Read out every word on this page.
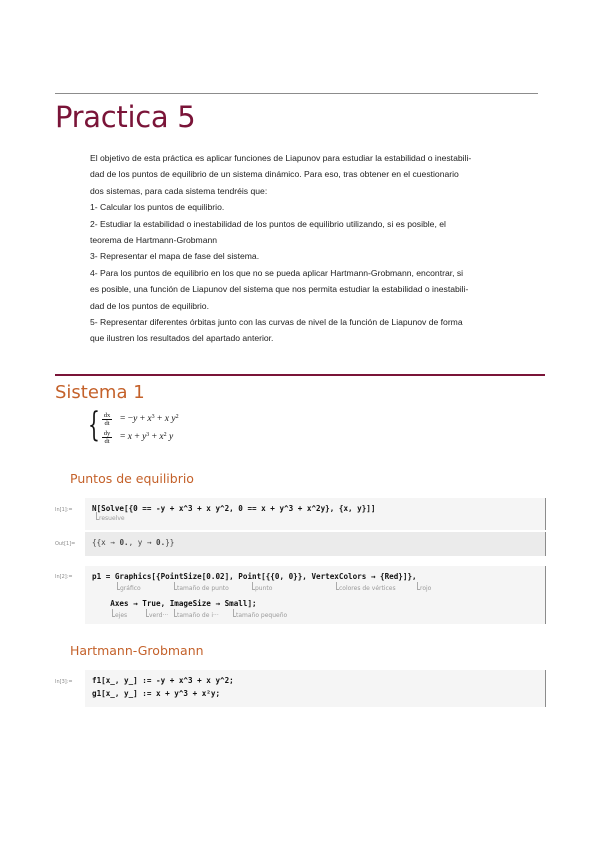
Practica 5
El objetivo de esta práctica es aplicar funciones de Liapunov para estudiar la estabilidad o inestabili-
dad de los puntos de equilibrio de un sistema dinámico. Para eso, tras obtener en el cuestionario
dos sistemas, para cada sistema tendréis que:
1- Calcular los puntos de equilibrio.
2- Estudiar la estabilidad o inestabilidad de los puntos de equilibrio utilizando, si es posible, el
teorema de Hartmann-Grobmann
3- Representar el mapa de fase del sistema.
4- Para los puntos de equilibrio en los que no se pueda aplicar Hartmann-Grobmann, encontrar, si
es posible, una función de Liapunov del sistema que nos permita estudiar la estabilidad o inestabili-
dad de los puntos de equilibrio.
5- Representar diferentes órbitas junto con las curvas de nivel de la función de Liapunov de forma
que ilustren los resultados del apartado anterior.
Sistema 1
{ $\frac{dx}{dt} = -y + x^3 + x$ $y^2$
$\frac{dy}{dt} = x + y^3 + x^2$ y
Puntos de equilibrio
In[1]:=	N[Solve[{0 == -y + x^3 + x y^2, 0 == x + y^3 + x^2y}, {x, y}]]
resuelve
Out[1]= {{x → 0., y → 0.}}
In[2]:=	p1 = Graphics[{PointSize[0.02], Point[{{0, 0}}, VertexColors → {Red}]},
gráfico	tamaño de punto	punto	colores de vértices	rojo
Axes → True, ImageSize → Small];
ejes	verd··· tamaño de i···	tamaño pequeño
Hartmann-Grobmann
In[3]:=	f1[x_, y_] := -y + x^3 + x y^2;
g1[x_, y_] := x + y^3 + x²y;
